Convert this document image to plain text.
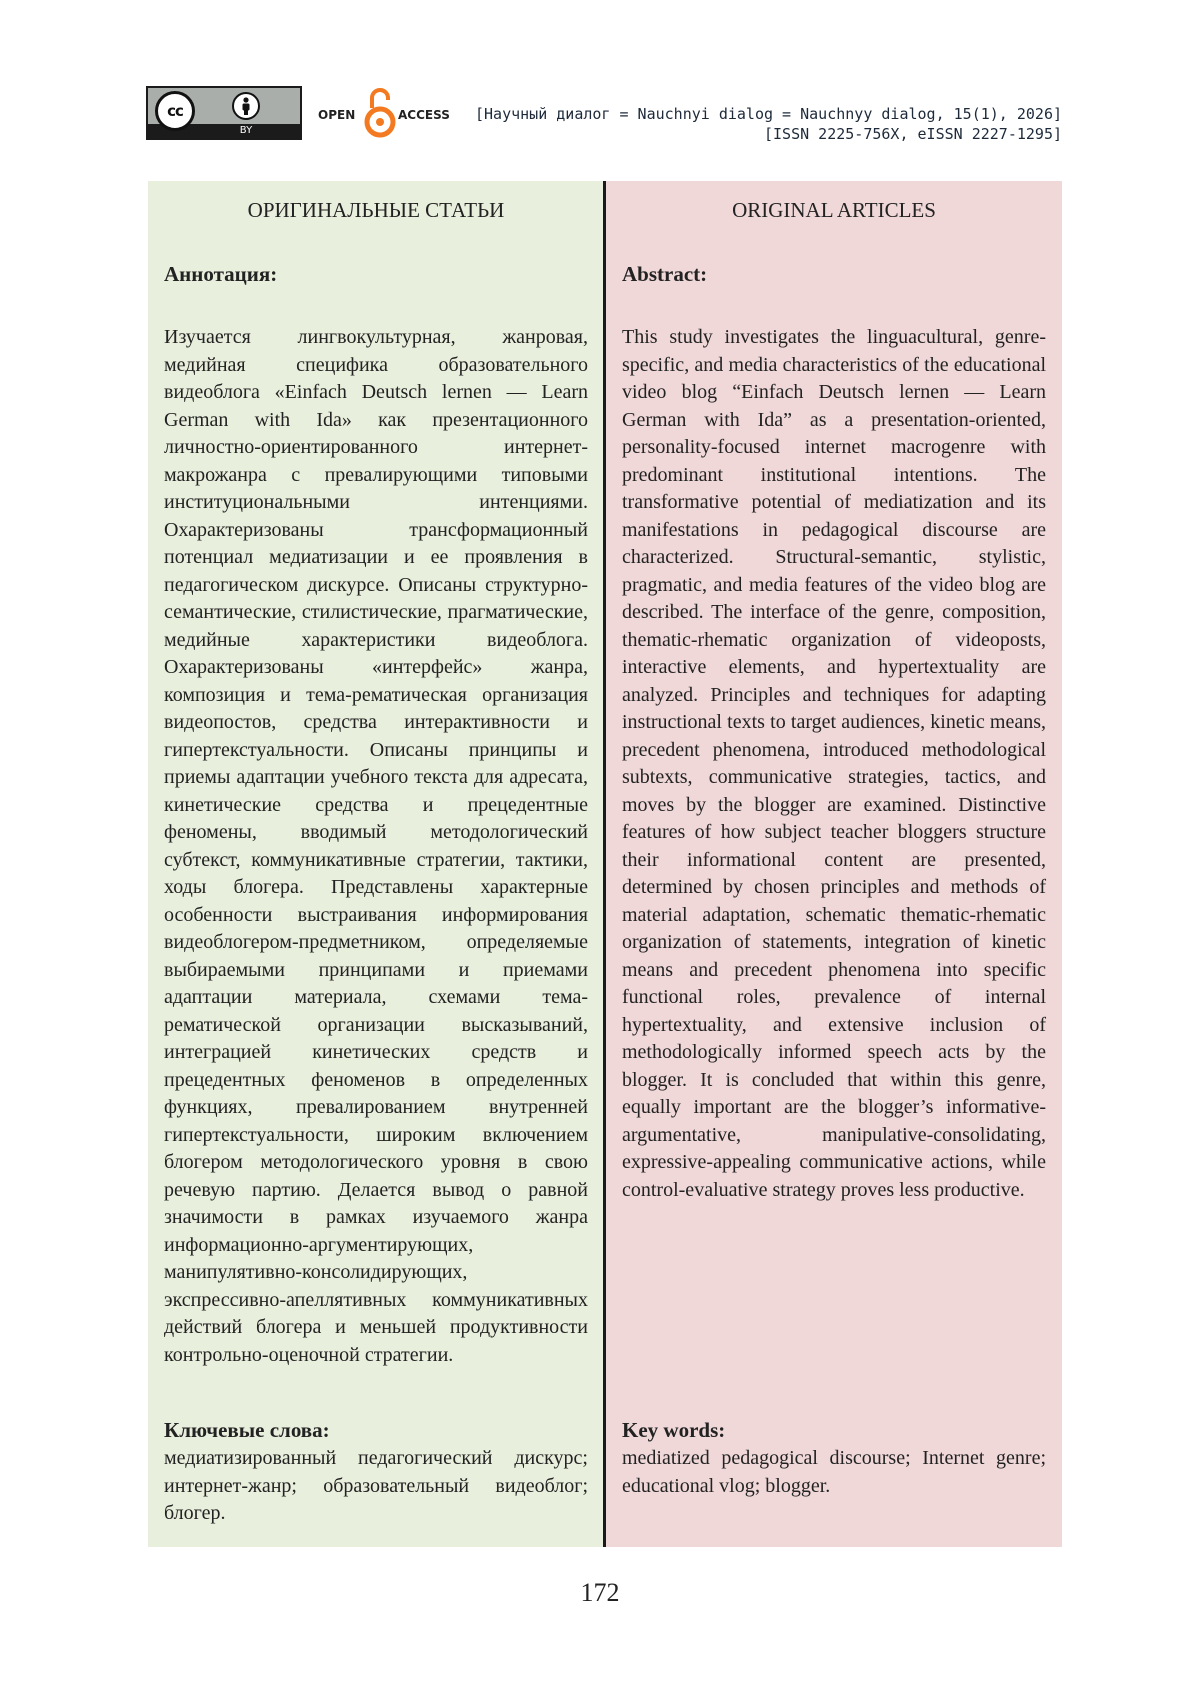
cc
BY
OPEN	ACCESS [Научный диалог = Nauchnyi dialog = Nauchnyy dialog, 15(1), 2026]
[ISSN 2225-756X, eISSN 2227-1295]
ОРИГИНАЛЬНЫЕ СТАТЬИ
Аннотация:
Изучается лингвокультурная, жанровая, медийная специфика образовательного видеоблога «Einfach Deutsch lernen — Learn German with Ida» как презентационного личностно-ориентированного интернет-макрожанра с превалирующими типовыми институциональными интенциями. Охарактеризованы трансформационный потенциал медиатизации и ее проявления в педагогическом дискурсе. Описаны структурно-семантические, стилистические, прагматические, медийные характеристики видеоблога. Охарактеризованы «интерфейс» жанра, композиция и тема-рематическая организация видеопостов, средства интерактивности и гипертекстуальности. Описаны принципы и приемы адаптации учебного текста для адресата, кинетические средства и прецедентные феномены, вводимый методологический субтекст, коммуникативные стратегии, тактики, ходы блогера. Представлены характерные особенности выстраивания информирования видеоблогером-предметником, определяемые выбираемыми принципами и приемами адаптации материала, схемами тема-рематической организации высказываний, интеграцией кинетических средств и прецедентных феноменов в определенных функциях, превалированием внутренней гипертекстуальности, широким включением блогером методологического уровня в свою речевую партию. Делается вывод о равной значимости в рамках изучаемого жанра информационно-аргументирующих, манипулятивно-консолидирующих, экспрессивно-апеллятивных коммуникативных действий блогера и меньшей продуктивности контрольно-оценочной стратегии.
Ключевые слова:
медиатизированный педагогический дискурс; интернет-жанр; образовательный видеоблог; блогер.
ORIGINAL ARTICLES
Abstract:
This study investigates the linguacultural, genre-specific, and media characteristics of the educational video blog “Einfach Deutsch lernen — Learn German with Ida” as a presentation-oriented, personality-focused internet macrogenre with predominant institutional intentions. The transformative potential of mediatization and its manifestations in pedagogical discourse are characterized. Structural-semantic, stylistic, pragmatic, and media features of the video blog are described. The interface of the genre, composition, thematic-rhematic organization of videoposts, interactive elements, and hypertextuality are analyzed. Principles and techniques for adapting instructional texts to target audiences, kinetic means, precedent phenomena, introduced methodological subtexts, communicative strategies, tactics, and moves by the blogger are examined. Distinctive features of how subject teacher bloggers structure their informational content are presented, determined by chosen principles and methods of material adaptation, schematic thematic-rhematic organization of statements, integration of kinetic means and precedent phenomena into specific functional roles, prevalence of internal hypertextuality, and extensive inclusion of methodologically informed speech acts by the blogger. It is concluded that within this genre, equally important are the blogger’s informative-argumentative, manipulative-consolidating, expressive-appealing communicative actions, while control-evaluative strategy proves less productive.
Key words:
mediatized pedagogical discourse; Internet genre; educational vlog; blogger.
172
